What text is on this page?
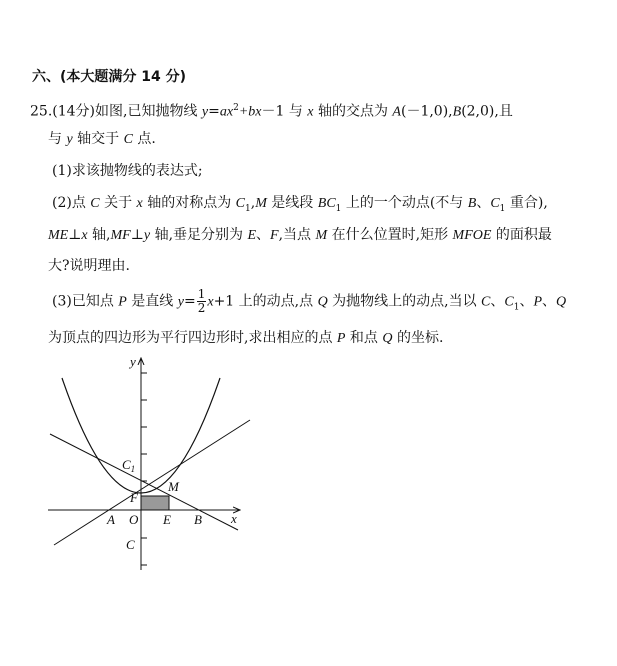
六、(本大题满分 14 分)
25.(14分)如图,已知抛物线 $y=ax^2+bx-1$ 与 x 轴的交点为 A(－1,0),B(2,0),且
与 y 轴交于 C 点.
(1)求该抛物线的表达式;
(2)点 C 关于 x 轴的对称点为 $C_1,M$ 是线段 $BC_1$ 上的一个动点(不与 B、$C_1$ 重合),
ME⊥x 轴,MF⊥y 轴,垂足分别为 E、F,当点 M 在什么位置时,矩形 MFOE 的面积最
大?说明理由.
(3)已知点 P 是直线 $y= \frac{1}{2} x+1$ 上的动点,点 Q 为抛物线上的动点,当以 C、$C_1$、P、Q
为顶点的四边形为平行四边形时,求出相应的点 P 和点 Q 的坐标.
y
x
$C_1$
M
F
A O E B
C
